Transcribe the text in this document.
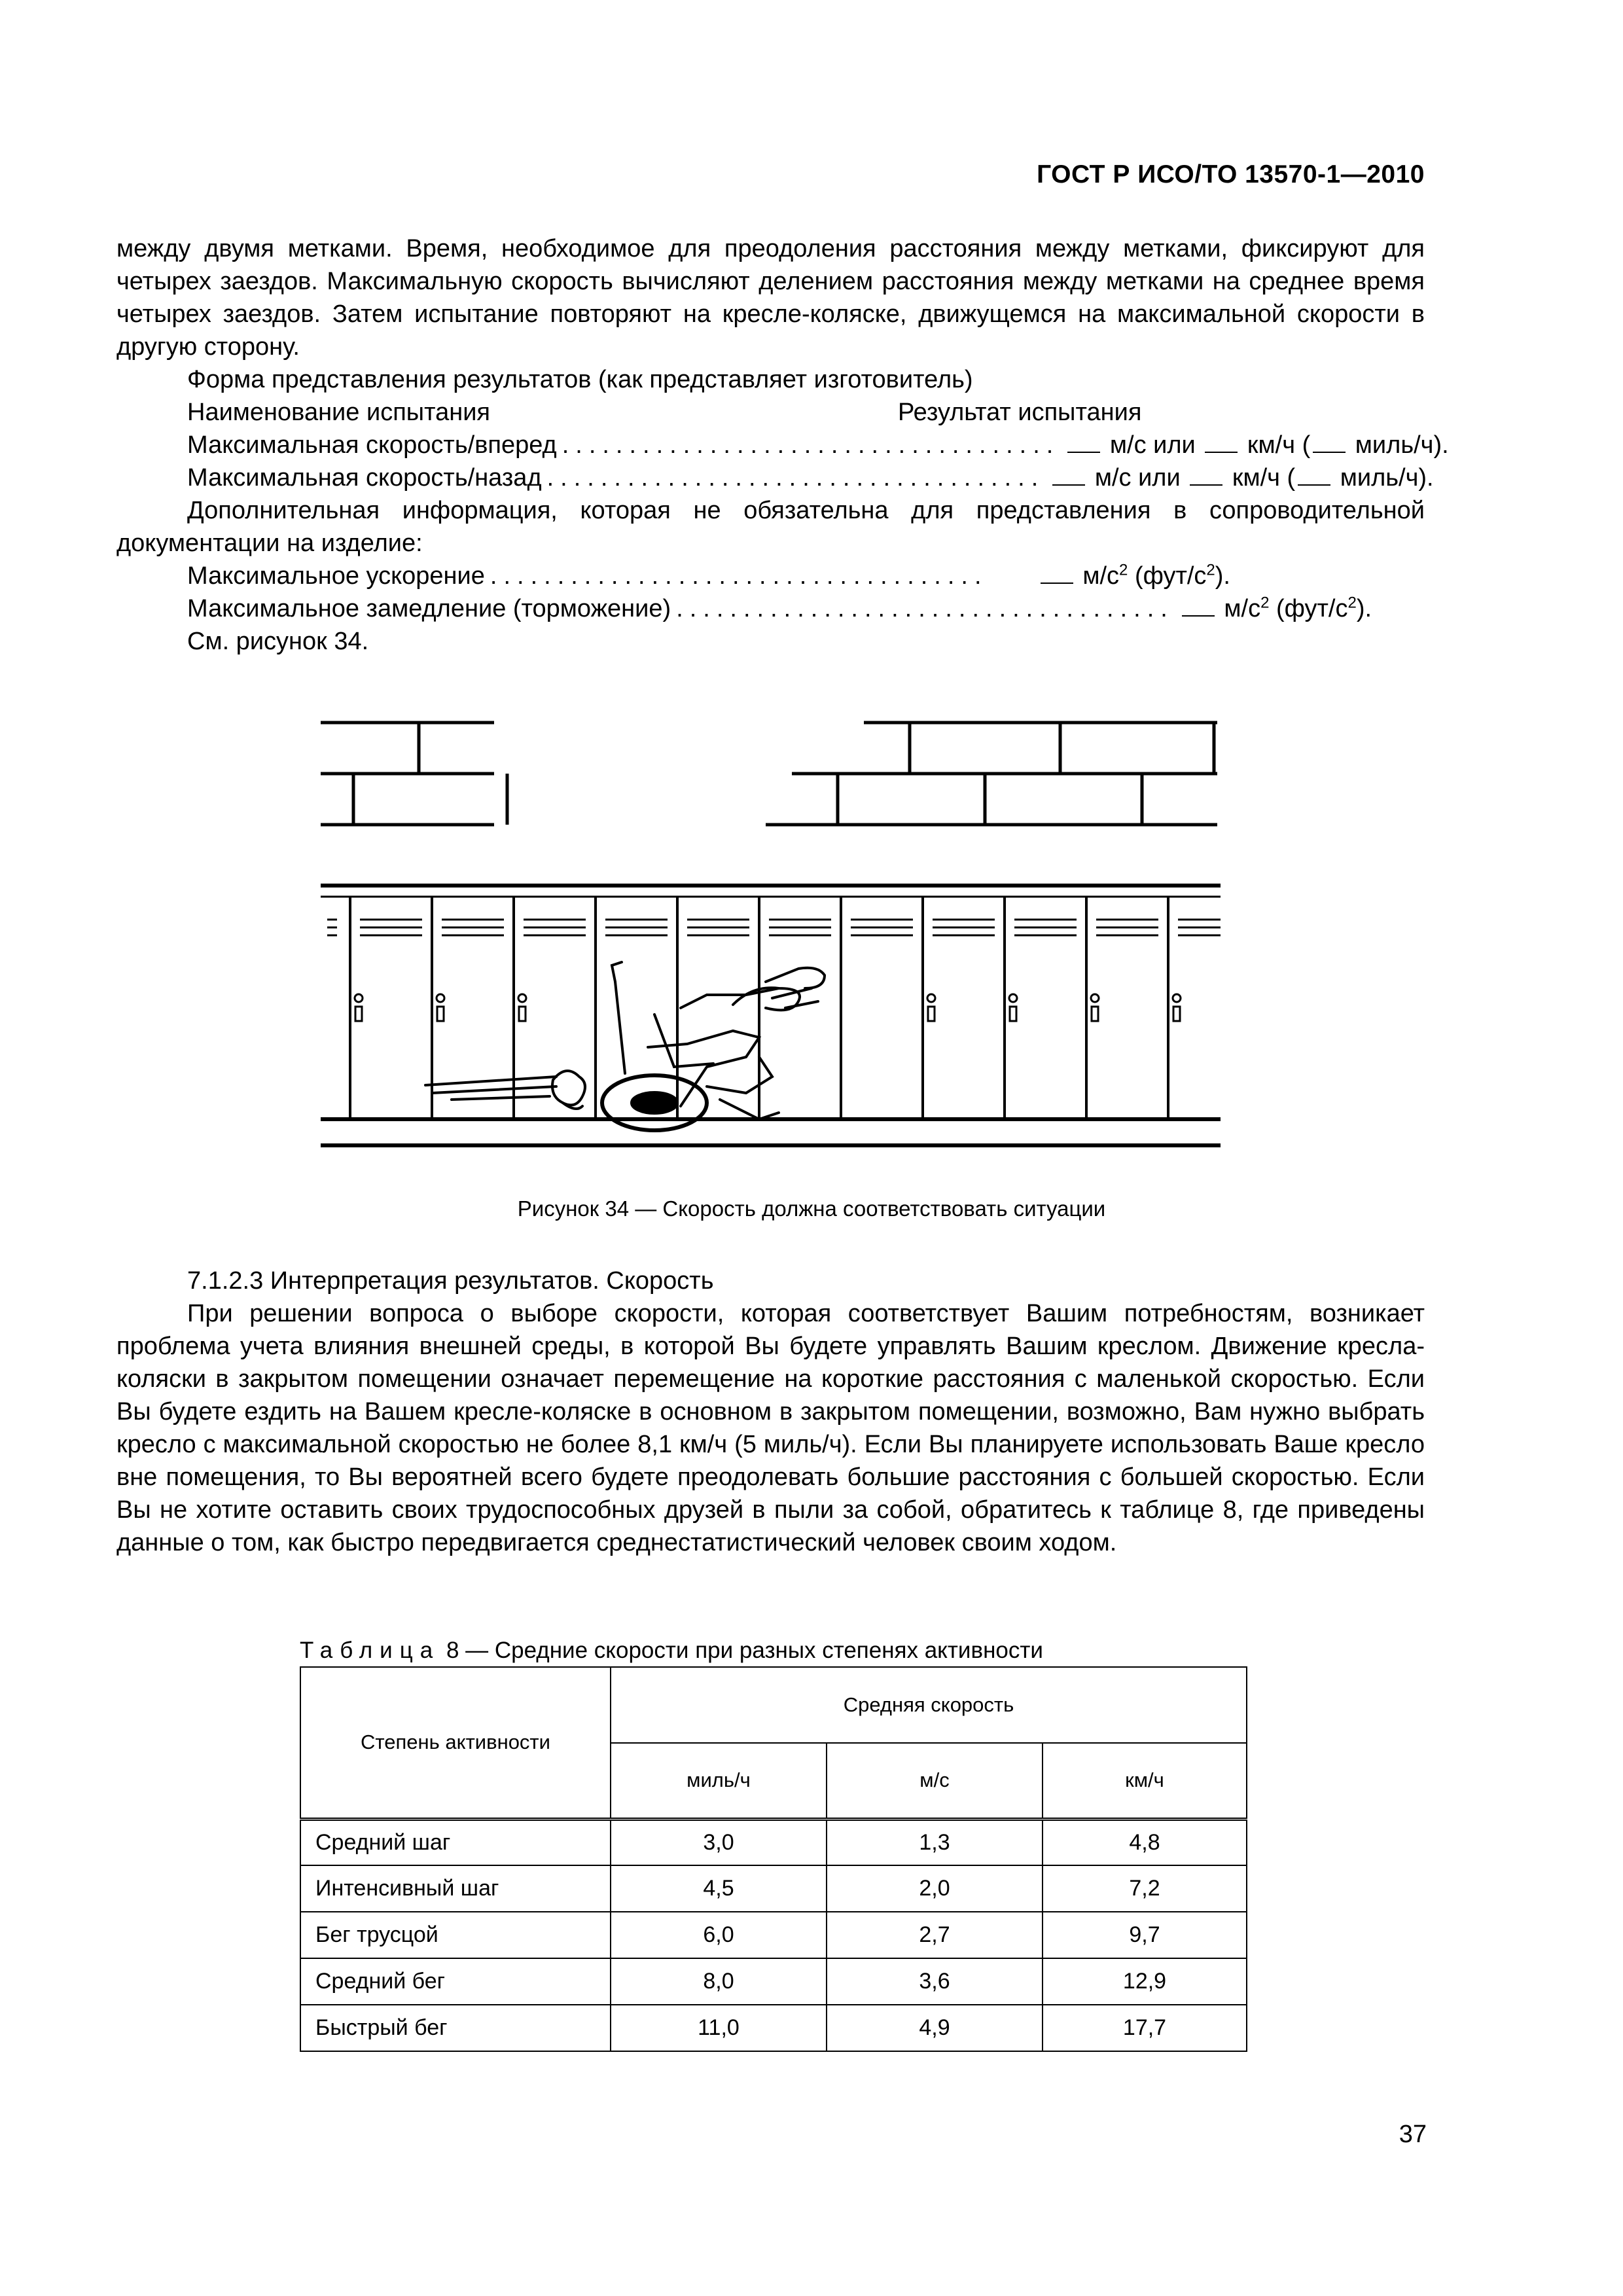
ГОСТ Р ИСО/ТО 13570-1—2010

между двумя метками. Время, необходимое для преодоления расстояния между метками, фиксируют для четырех заездов. Максимальную скорость вычисляют делением расстояния между метками на среднее время четырех заездов. Затем испытание повторяют на кресле-коляске, движущемся на максимальной скорости в другую сторону.

Форма представления результатов (как представляет изготовитель)
Наименование испытания	Результат испытания
Максимальная скорость/вперед .....................................	м/с или км/ч ( миль/ч).
Максимальная скорость/назад .....................................	м/с или км/ч ( миль/ч).

Дополнительная информация, которая не обязательна для представления в сопроводительной документации на изделие:

Максимальное ускорение .....................................	$м/с^2$ $(фут/с^2)$.
Максимальное замедление (торможение) .....................................	$м/с^2$ $(фут/с^2)$.
См. рисунок 34.
Рисунок 34 — Скорость должна соответствовать ситуации
7.1.2.3 Интерпретация результатов. Скорость

При решении вопроса о выборе скорости, которая соответствует Вашим потребностям, возникает проблема учета влияния внешней среды, в которой Вы будете управлять Вашим креслом. Движение кресла-коляски в закрытом помещении означает перемещение на короткие расстояния с маленькой скоростью. Если Вы будете ездить на Вашем кресле-коляске в основном в закрытом помещении, возможно, Вам нужно выбрать кресло с максимальной скоростью не более 8,1 км/ч (5 миль/ч). Если Вы планируете использовать Ваше кресло вне помещения, то Вы вероятней всего будете преодолевать большие расстояния с большей скоростью. Если Вы не хотите оставить своих трудоспособных друзей в пыли за собой, обратитесь к таблице 8, где приведены данные о том, как быстро передвигается среднестатистический человек своим ходом.

Таблица 8 — Средние скорости при разных степенях активности
Степень активности	Средняя скорость		
	миль/ч	м/с	км/ч
Средний шаг	3,0	1,3	4,8
Интенсивный шаг	4,5	2,0	7,2
Бег трусцой	6,0	2,7	9,7
Средний бег	8,0	3,6	12,9
Быстрый бег	11,0	4,9	17,7
37
